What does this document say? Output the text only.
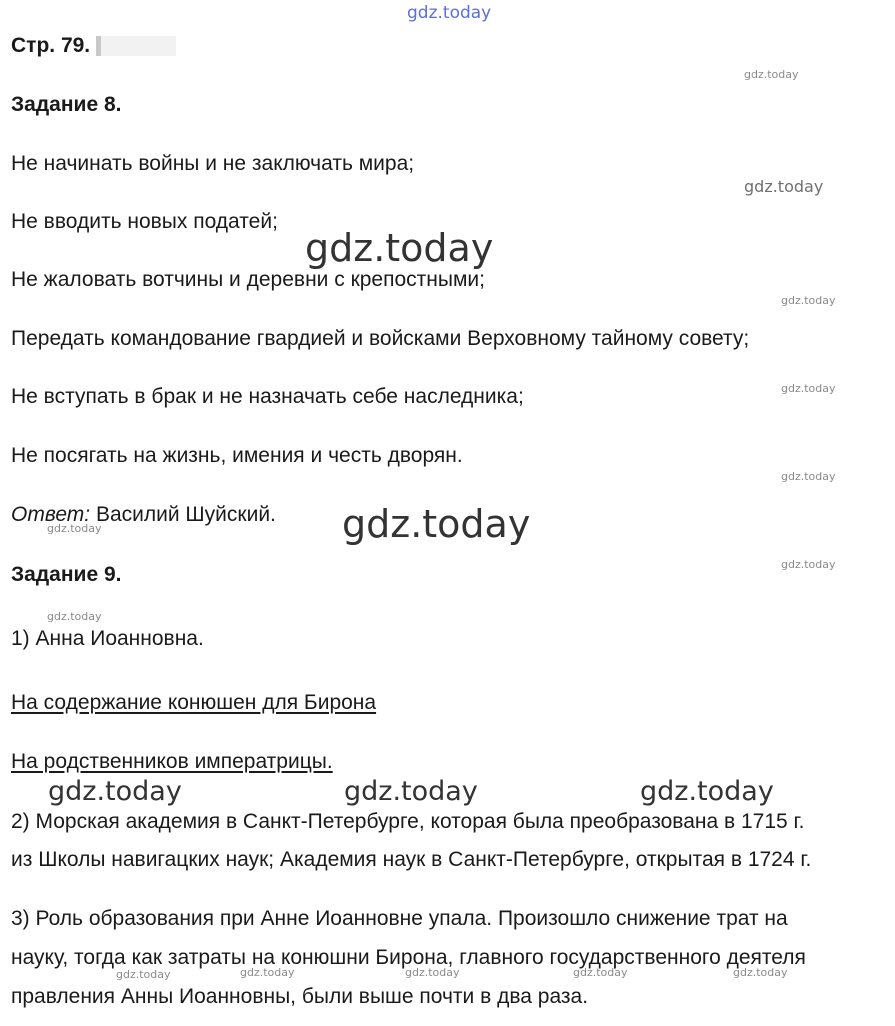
gdz.today
Стр. 79.
Задание 8.
Не начинать войны и не заключать мира;
Не вводить новых податей;
Не жаловать вотчины и деревни с крепостными;
Передать командование гвардией и войсками Верховному тайному совету;
Не вступать в брак и не назначать себе наследника;
Не посягать на жизнь, имения и честь дворян.
Ответ: Василий Шуйский.
Задание 9.
1) Анна Иоанновна.
На содержание конюшен для Бирона
На родственников императрицы.
2) Морская академия в Санкт-Петербурге, которая была преобразована в 1715 г.
из Школы навигацких наук; Академия наук в Санкт-Петербурге, открытая в 1724 г.
3) Роль образования при Анне Иоанновне упала. Произошло снижение трат на
науку, тогда как затраты на конюшни Бирона, главного государственного деятеля
правления Анны Иоанновны, были выше почти в два раза.
gdz.today
gdz.today
gdz.today
gdz.today
gdz.today
gdz.today
gdz.today
gdz.today
gdz.today
gdz.today
gdz.today	gdz.today	gdz.today
gdz.today	gdz.today	gdz.today	gdz.today	gdz.today
